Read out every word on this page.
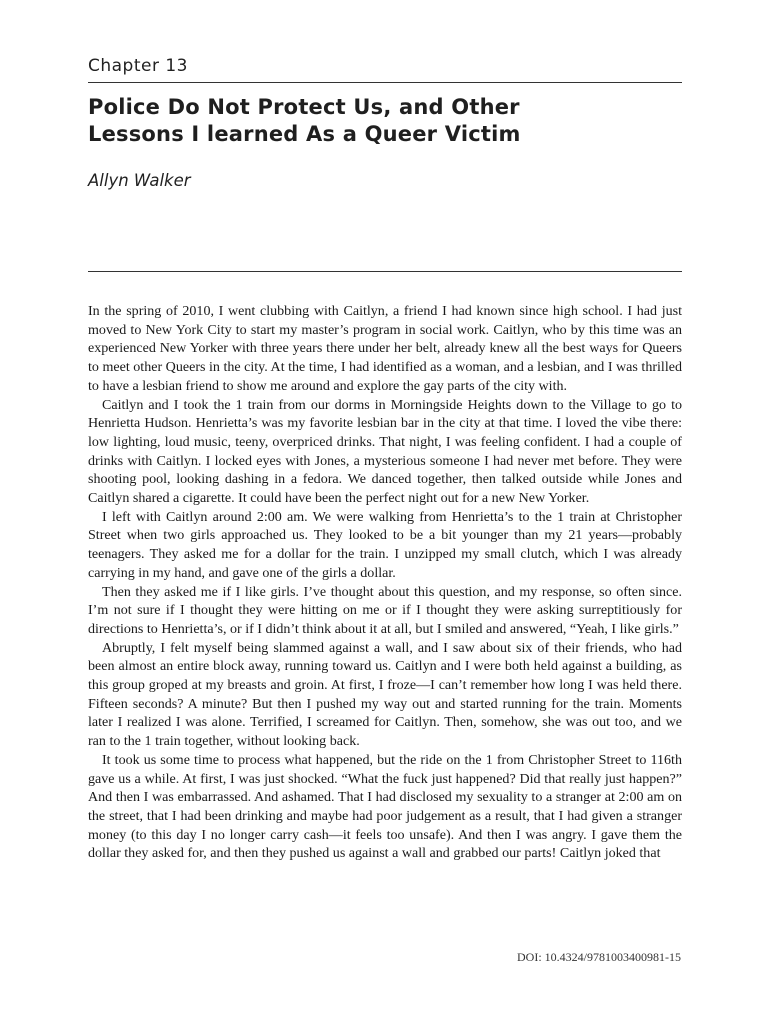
Chapter 13
Police Do Not Protect Us, and Other
Lessons I learned As a Queer Victim
Allyn Walker

In the spring of 2010, I went clubbing with Caitlyn, a friend I had known since high school. I had just moved to New York City to start my master’s program in social work. Caitlyn, who by this time was an experienced New Yorker with three years there under her belt, already knew all the best ways for Queers to meet other Queers in the city. At the time, I had identified as a woman, and a lesbian, and I was thrilled to have a lesbian friend to show me around and explore the gay parts of the city with.

Caitlyn and I took the 1 train from our dorms in Morningside Heights down to the Village to go to Henrietta Hudson. Henrietta’s was my favorite lesbian bar in the city at that time. I loved the vibe there: low lighting, loud music, teeny, overpriced drinks. That night, I was feeling confident. I had a couple of drinks with Caitlyn. I locked eyes with Jones, a mysterious someone I had never met before. They were shooting pool, looking dashing in a fedora. We danced together, then talked outside while Jones and Caitlyn shared a cigarette. It could have been the perfect night out for a new New Yorker.

I left with Caitlyn around 2:00 am. We were walking from Henrietta’s to the 1 train at Christopher Street when two girls approached us. They looked to be a bit younger than my 21 years—probably teenagers. They asked me for a dollar for the train. I unzipped my small clutch, which I was already carrying in my hand, and gave one of the girls a dollar.

Then they asked me if I like girls. I’ve thought about this question, and my response, so often since. I’m not sure if I thought they were hitting on me or if I thought they were asking surreptitiously for directions to Henrietta’s, or if I didn’t think about it at all, but I smiled and answered, “Yeah, I like girls.”

Abruptly, I felt myself being slammed against a wall, and I saw about six of their friends, who had been almost an entire block away, running toward us. Caitlyn and I were both held against a building, as this group groped at my breasts and groin. At first, I froze—I can’t remember how long I was held there. Fifteen seconds? A minute? But then I pushed my way out and started running for the train. Moments later I realized I was alone. Terrified, I screamed for Caitlyn. Then, somehow, she was out too, and we ran to the 1 train together, without looking back.

It took us some time to process what happened, but the ride on the 1 from Christopher Street to 116th gave us a while. At first, I was just shocked. “What the fuck just happened? Did that really just happen?” And then I was embarrassed. And ashamed. That I had disclosed my sexuality to a stranger at 2:00 am on the street, that I had been drinking and maybe had poor judgement as a result, that I had given a stranger money (to this day I no longer carry cash—it feels too unsafe). And then I was angry. I gave them the dollar they asked for, and then they pushed us against a wall and grabbed our parts! Caitlyn joked that

DOI: 10.4324/9781003400981-15
